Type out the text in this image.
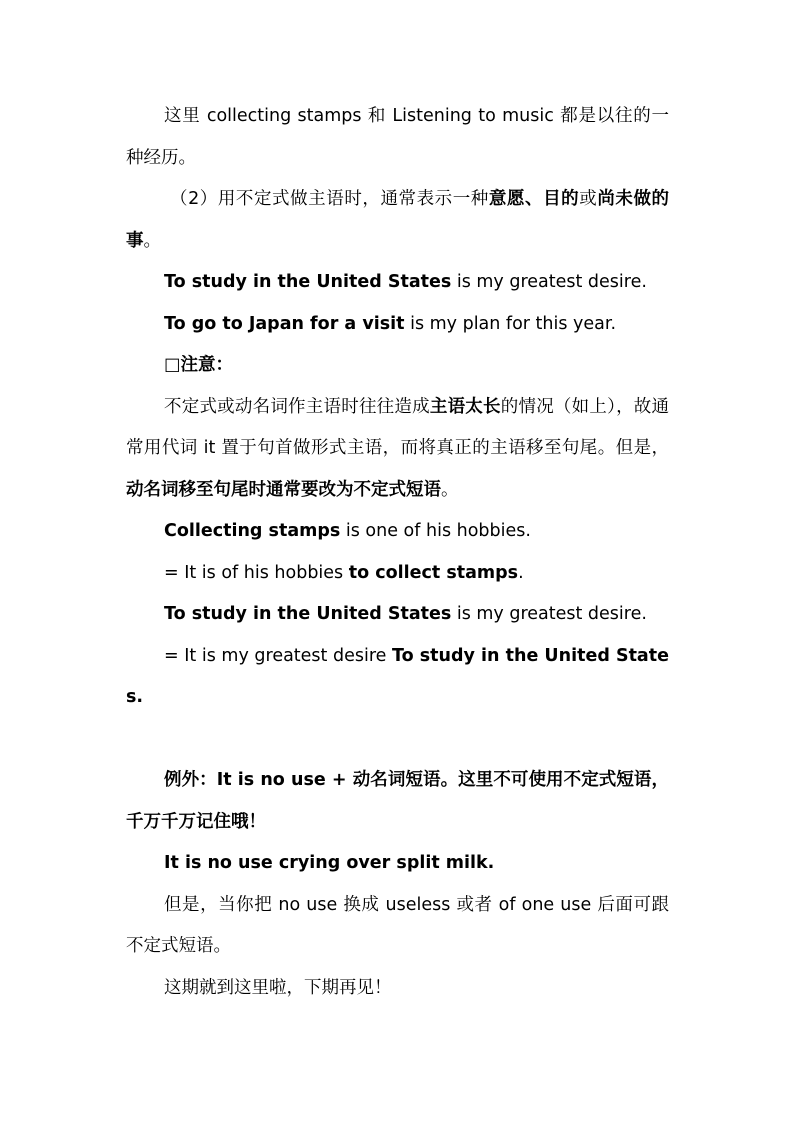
这里 collecting stamps 和 Listening to music 都是以往的一种经历。

（2）用不定式做主语时，通常表示一种意愿、目的或尚未做的事。

To study in the United States is my greatest desire.

To go to Japan for a visit is my plan for this year.

□注意：

不定式或动名词作主语时往往造成主语太长的情况（如上），故通常用代词 it 置于句首做形式主语，而将真正的主语移至句尾。但是，动名词移至句尾时通常要改为不定式短语。

Collecting stamps is one of his hobbies.

= It is of his hobbies to collect stamps.

To study in the United States is my greatest desire.

= It is my greatest desire To study in the United States.

例外：It is no use + 动名词短语。这里不可使用不定式短语，千万千万记住哦！

It is no use crying over split milk.

但是，当你把 no use 换成 useless 或者 of one use 后面可跟不定式短语。

这期就到这里啦，下期再见！
